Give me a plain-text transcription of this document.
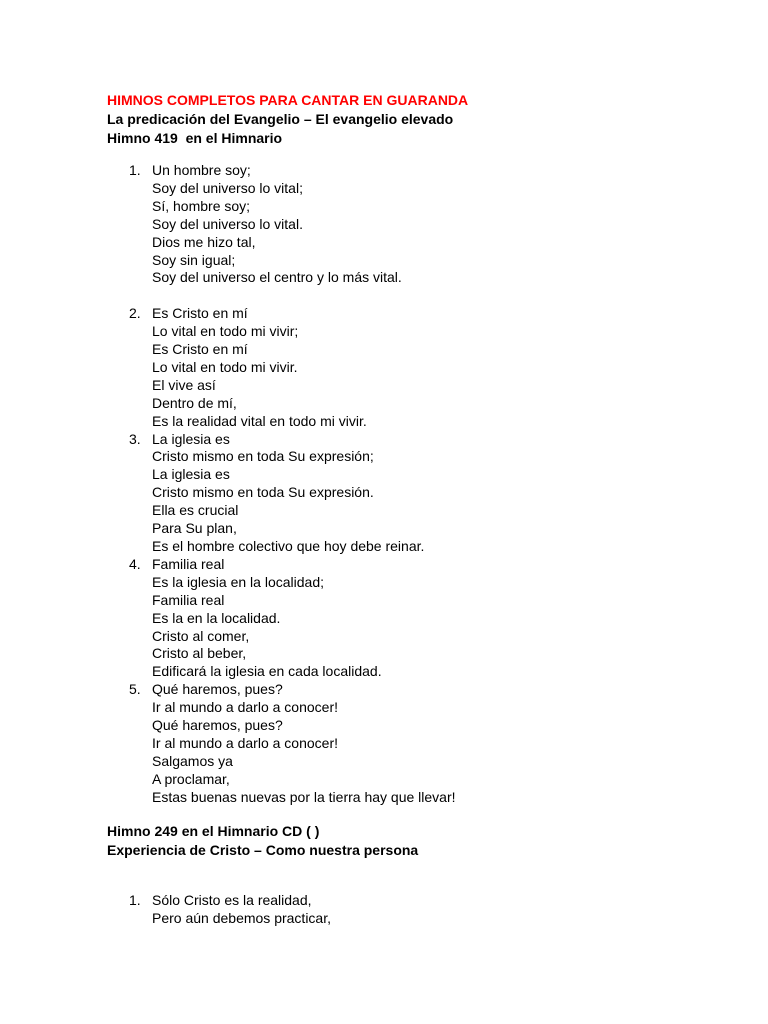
HIMNOS COMPLETOS PARA CANTAR EN GUARANDA
La predicación del Evangelio – El evangelio elevado
Himno 419  en el Himnario
1. Un hombre soy;
Soy del universo lo vital;
Sí, hombre soy;
Soy del universo lo vital.
Dios me hizo tal,
Soy sin igual;
Soy del universo el centro y lo más vital.
2. Es Cristo en mí
Lo vital en todo mi vivir;
Es Cristo en mí
Lo vital en todo mi vivir.
El vive así
Dentro de mí,
Es la realidad vital en todo mi vivir.
3. La iglesia es
Cristo mismo en toda Su expresión;
La iglesia es
Cristo mismo en toda Su expresión.
Ella es crucial
Para Su plan,
Es el hombre colectivo que hoy debe reinar.
4. Familia real
Es la iglesia en la localidad;
Familia real
Es la en la localidad.
Cristo al comer,
Cristo al beber,
Edificará la iglesia en cada localidad.
5. Qué haremos, pues?
Ir al mundo a darlo a conocer!
Qué haremos, pues?
Ir al mundo a darlo a conocer!
Salgamos ya
A proclamar,
Estas buenas nuevas por la tierra hay que llevar!
Himno 249 en el Himnario CD ( )
Experiencia de Cristo – Como nuestra persona
1. Sólo Cristo es la realidad,
Pero aún debemos practicar,
